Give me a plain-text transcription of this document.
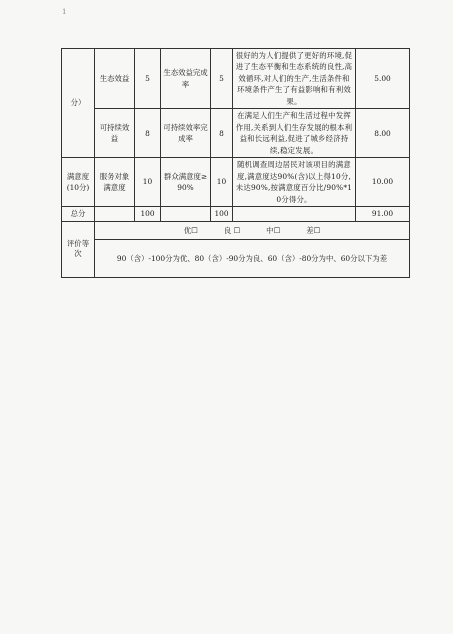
1
分）	生态效益	5	生态效益完成率	5	很好的为人们提供了更好的环境,促进了生态平衡和生态系统的良性,高效循环,对人们的生产,生活条件和环境条件产生了有益影响和有利效果。	5.00
	可持续效益	8	可持续效率完成率	8	在满足人们生产和生活过程中发挥作用,关系到人们生存发展的根本利益和长远利益,促进了城乡经济持续,稳定发展。	8.00
满意度(10分)	服务对象满意度	10	群众满意度≥90%	10	随机调查周边居民对该项目的满意度,满意度达90%(含)以上得10分,未达90%,按满意度百分比/90%*10分得分。	10.00
总分		100		100		91.00
评价等次	优☐ 良 ☐ 中☐ 差☐					

	90（含）-100分为优、80（含）-90分为良、60（含）-80分为中、60分以下为差					
